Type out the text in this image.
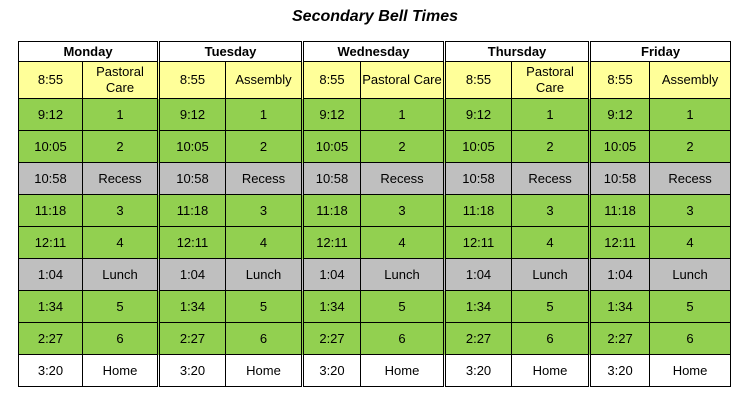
Secondary Bell Times
Monday		Tuesday		Wednesday		Thursday		Friday	
8:55	Pastoral Care	8:55	Assembly	8:55	Pastoral Care	8:55	Pastoral Care	8:55	Assembly
9:12	1	9:12	1	9:12	1	9:12	1	9:12	1
10:05	2	10:05	2	10:05	2	10:05	2	10:05	2
10:58	Recess	10:58	Recess	10:58	Recess	10:58	Recess	10:58	Recess
11:18	3	11:18	3	11:18	3	11:18	3	11:18	3
12:11	4	12:11	4	12:11	4	12:11	4	12:11	4
1:04	Lunch	1:04	Lunch	1:04	Lunch	1:04	Lunch	1:04	Lunch
1:34	5	1:34	5	1:34	5	1:34	5	1:34	5
2:27	6	2:27	6	2:27	6	2:27	6	2:27	6
3:20	Home	3:20	Home	3:20	Home	3:20	Home	3:20	Home
